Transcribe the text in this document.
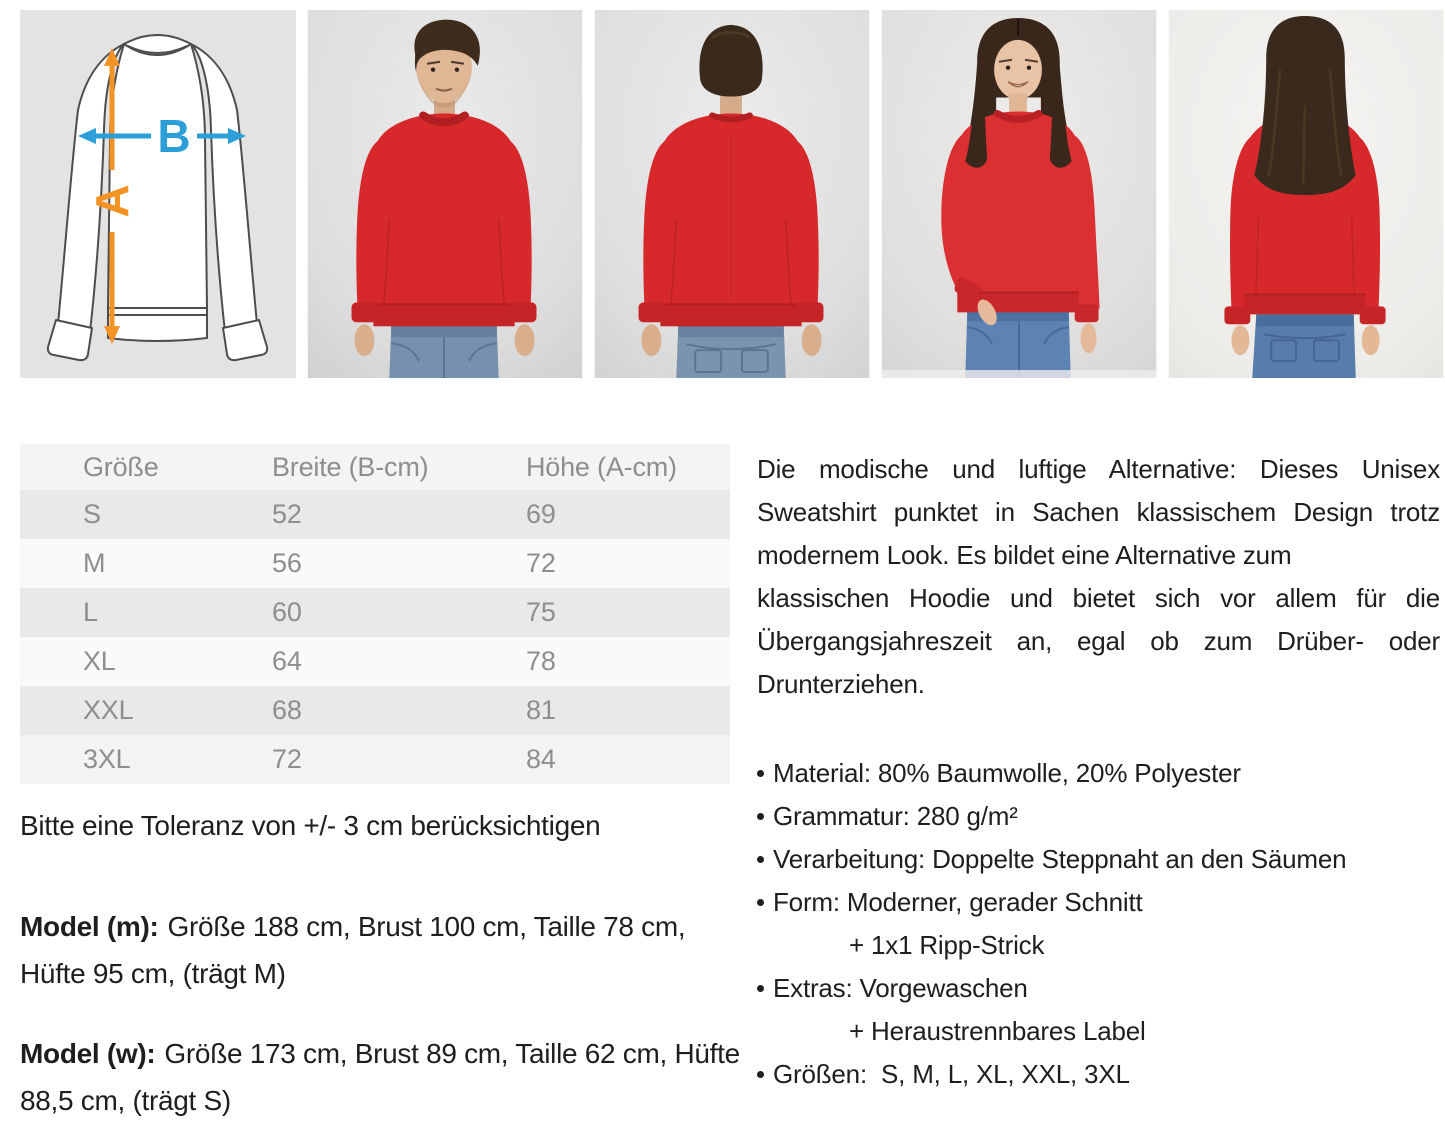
A
B
Größe	Breite (B-cm)	Höhe (A-cm)
S	52	69
M	56	72
L	60	75
XL	64	78
XXL	68	81
3XL	72	84
Bitte eine Toleranz von +/- 3 cm berücksichtigen
Model (m): Größe 188 cm, Brust 100 cm, Taille 78 cm, Hüfte 95 cm, (trägt M)
Model (w): Größe 173 cm, Brust 89 cm, Taille 62 cm, Hüfte 88,5 cm, (trägt S)
Die modische und luftige Alternative: Dieses Unisex
Sweatshirt punktet in Sachen klassischem Design trotz
modernem Look. Es bildet eine Alternative zum
klassischen Hoodie und bietet sich vor allem für die
Übergangsjahreszeit an, egal ob zum Drüber- oder
Drunterziehen.
Material: 80% Baumwolle, 20% Polyester
Grammatur: 280 g/m²
Verarbeitung: Doppelte Steppnaht an den Säumen
Form: Moderner, gerader Schnitt
+ 1x1 Ripp-Strick
Extras: Vorgewaschen
+ Heraustrennbares Label
Größen:  S, M, L, XL, XXL, 3XL
